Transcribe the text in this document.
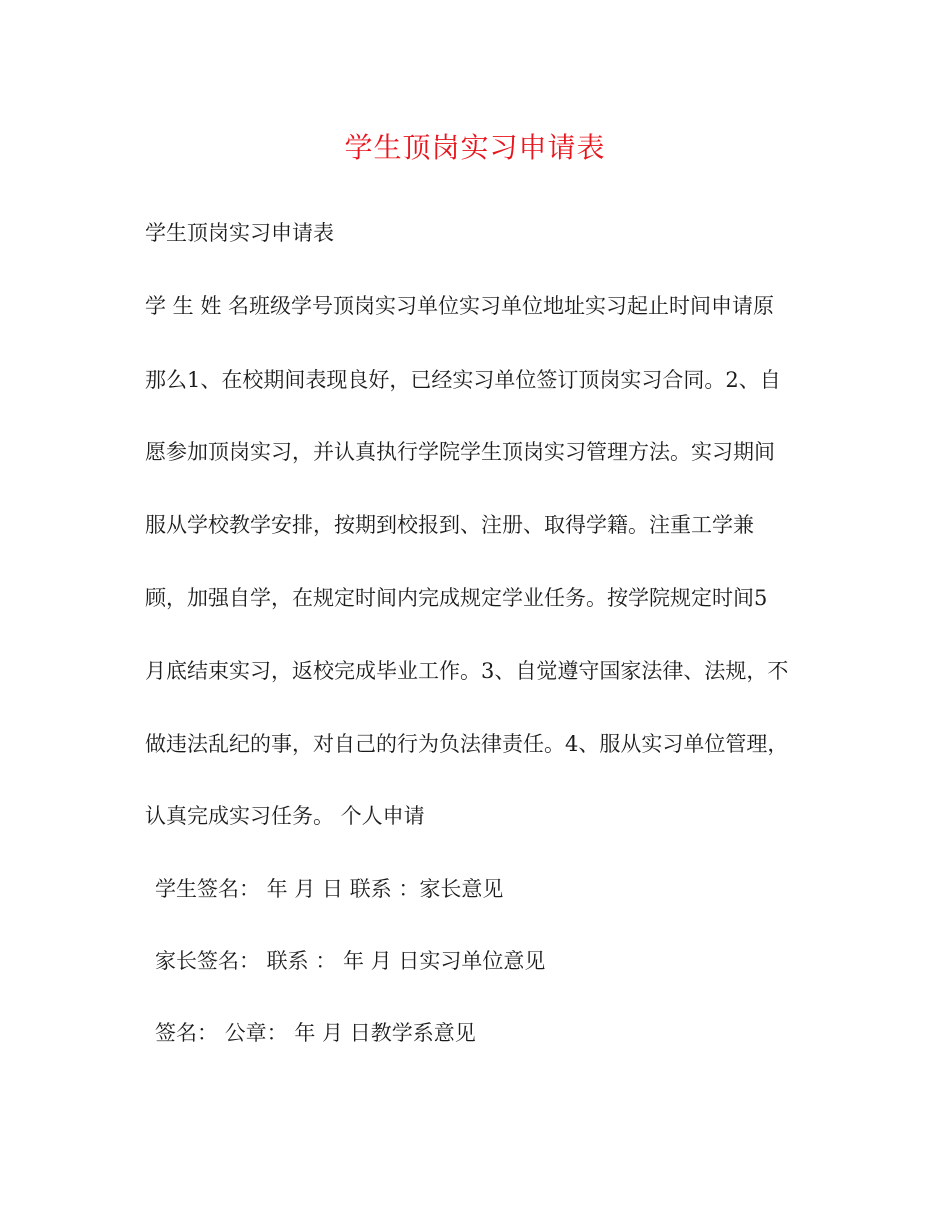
学生顶岗实习申请表
学生顶岗实习申请表
学 生 姓 名班级学号顶岗实习单位实习单位地址实习起止时间申请原
那么1、在校期间表现良好，已经实习单位签订顶岗实习合同。2、自
愿参加顶岗实习，并认真执行学院学生顶岗实习管理方法。实习期间
服从学校教学安排，按期到校报到、注册、取得学籍。注重工学兼
顾，加强自学，在规定时间内完成规定学业任务。按学院规定时间5
月底结束实习，返校完成毕业工作。3、自觉遵守国家法律、法规，不
做违法乱纪的事，对自己的行为负法律责任。4、服从实习单位管理，
认真完成实习任务。 个人申请
学生签名： 年 月 日 联系 ：家长意见
家长签名： 联系 ： 年 月 日实习单位意见
签名： 公章： 年 月 日教学系意见
